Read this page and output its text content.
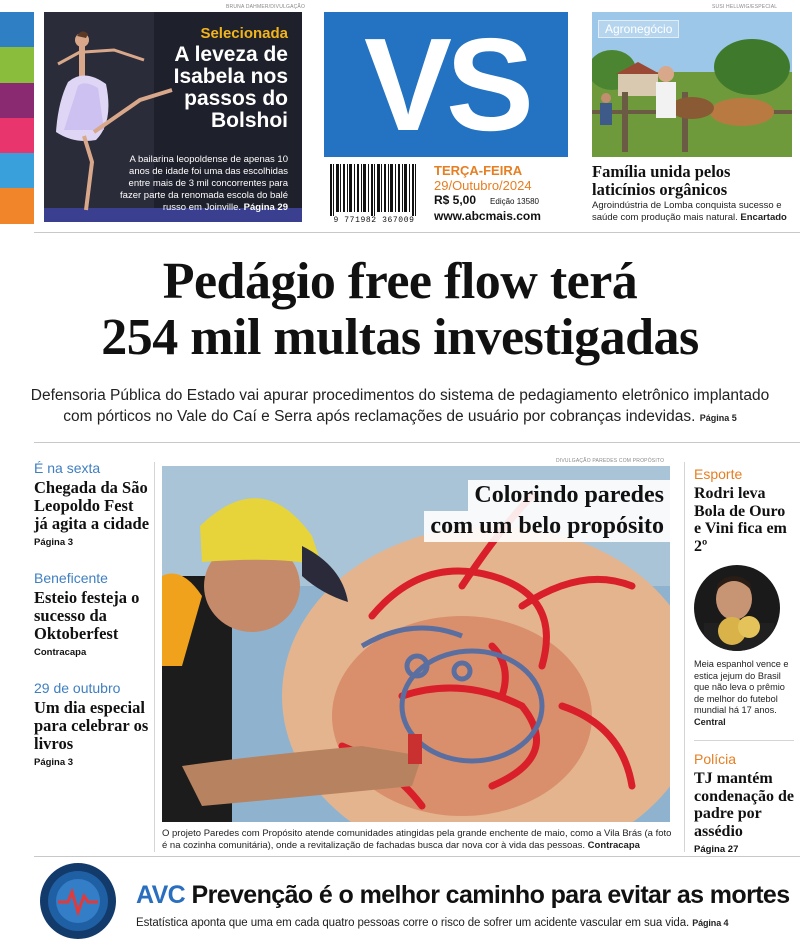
BRUNA DAHMER/DIVULGAÇÃO	SUSI HELLWIG/ESPECIAL
Selecionada
A leveza de Isabela nos passos do Bolshoi
A bailarina leopoldense de apenas 10 anos de idade foi uma das escolhidas entre mais de 3 mil concorrentes para fazer parte da renomada escola do balé russo em Joinville. Página 29
VS
9 771982 367009
TERÇA-FEIRA
29/Outubro/2024
R$ 5,00 Edição 13580
www.abcmais.com
Agronegócio
Família unida pelos laticínios orgânicos
Agroindústria de Lomba conquista sucesso e saúde com produção mais natural. Encartado
Pedágio free flow terá
254 mil multas investigadas
Defensoria Pública do Estado vai apurar procedimentos do sistema de pedagiamento eletrônico implantado com pórticos no Vale do Caí e Serra após reclamações de usuário por cobranças indevidas. Página 5
É na sexta
Chegada da São Leopoldo Fest já agita a cidade
Página 3
Beneficente
Esteio festeja o sucesso da Oktoberfest
Contracapa
29 de outubro
Um dia especial para celebrar os livros
Página 3
DIVULGAÇÃO PAREDES COM PROPÓSITO
Colorindo paredes
com um belo propósito
O projeto Paredes com Propósito atende comunidades atingidas pela grande enchente de maio, como a Vila Brás (a foto é na cozinha comunitária), onde a revitalização de fachadas busca dar nova cor à vida das pessoas. Contracapa
Esporte
Rodri leva Bola de Ouro e Vini fica em 2º
Meia espanhol vence e estica jejum do Brasil que não leva o prêmio de melhor do futebol mundial há 17 anos. Central
Polícia
TJ mantém condenação de padre por assédio
Página 27
AVC Prevenção é o melhor caminho para evitar as mortes
Estatística aponta que uma em cada quatro pessoas corre o risco de sofrer um acidente vascular em sua vida. Página 4
